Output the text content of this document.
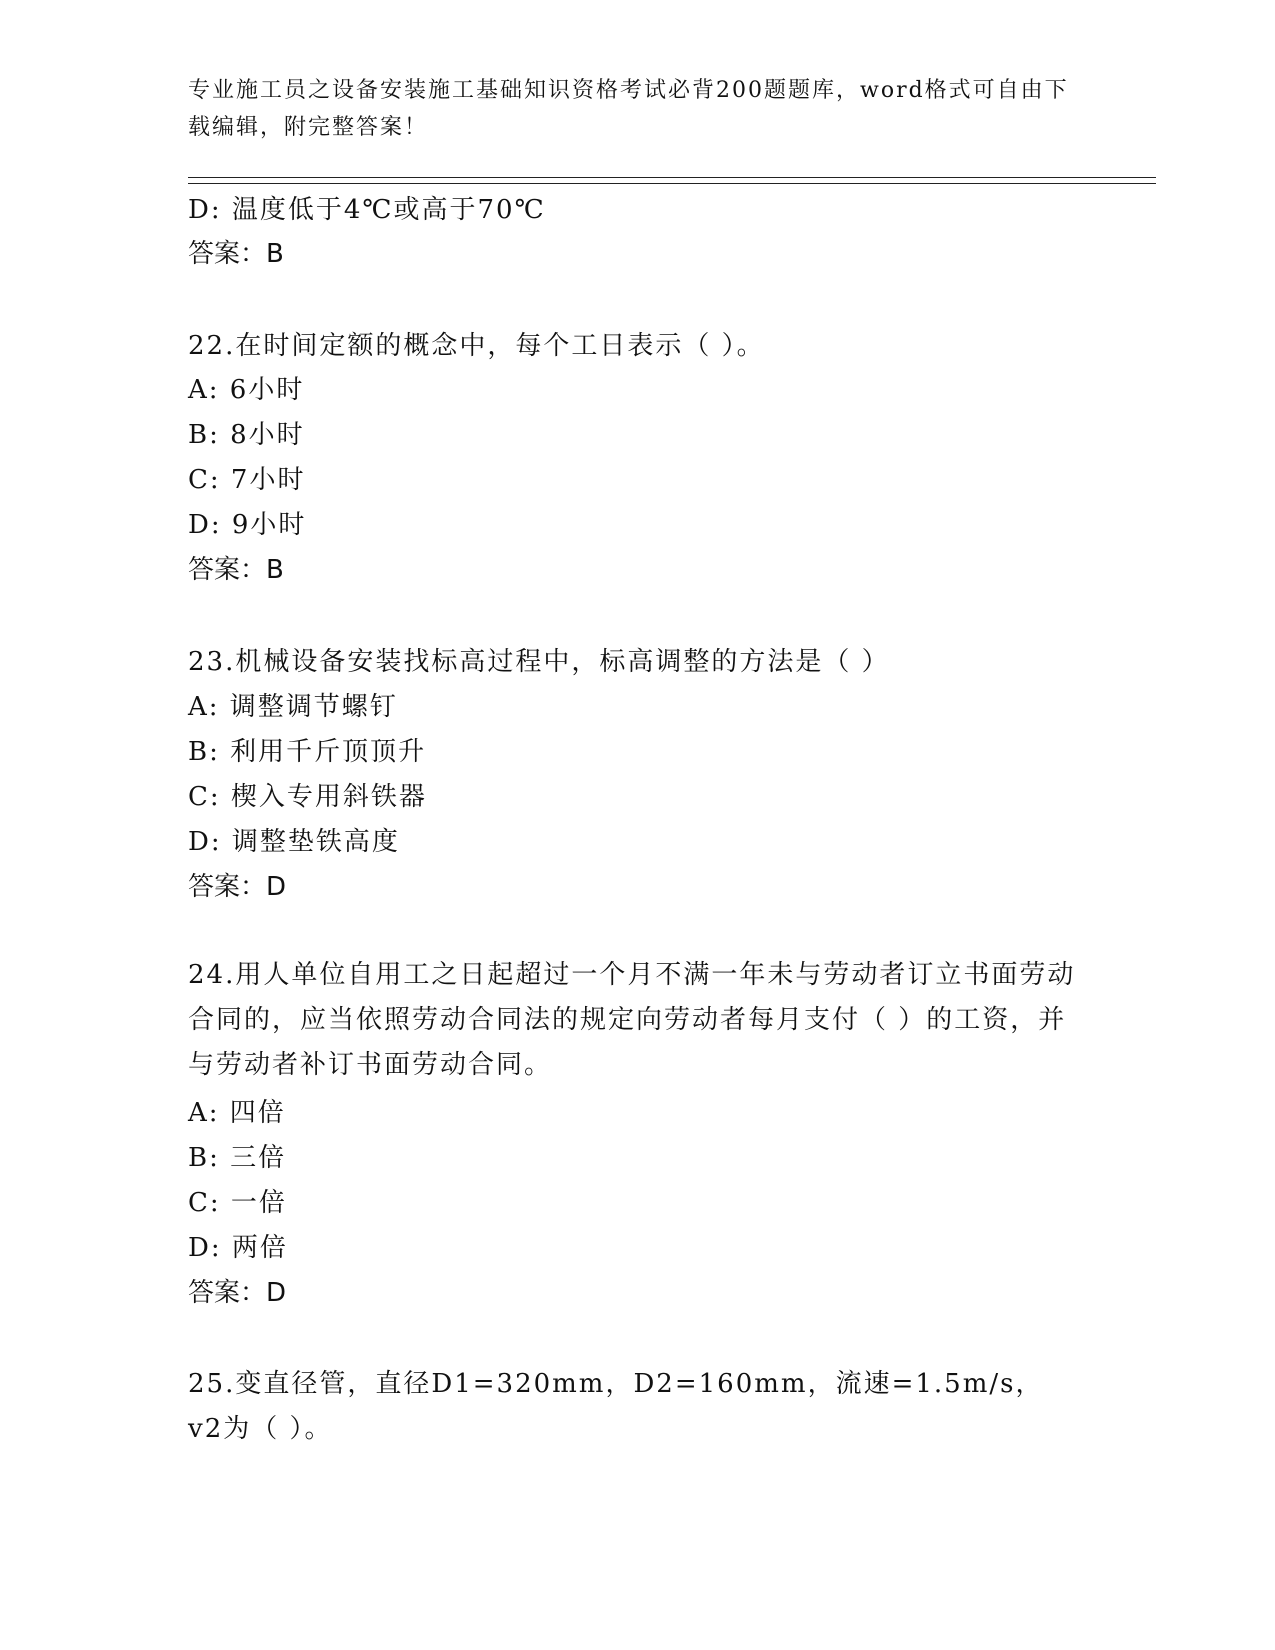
专业施工员之设备安装施工基础知识资格考试必背200题题库，word格式可自由下载编辑，附完整答案！
D: 温度低于4℃或高于70℃
答案：B
22.在时间定额的概念中，每个工日表示（ ）。
A: 6小时
B: 8小时
C: 7小时
D: 9小时
答案：B
23.机械设备安装找标高过程中，标高调整的方法是（ ）
A: 调整调节螺钉
B: 利用千斤顶顶升
C: 楔入专用斜铁器
D: 调整垫铁高度
答案：D
24.用人单位自用工之日起超过一个月不满一年未与劳动者订立书面劳动合同的，应当依照劳动合同法的规定向劳动者每月支付（ ）的工资，并与劳动者补订书面劳动合同。
A: 四倍
B: 三倍
C: 一倍
D: 两倍
答案：D
25.变直径管，直径D1=320mm，D2=160mm，流速=1.5m/s，v2为（ ）。
